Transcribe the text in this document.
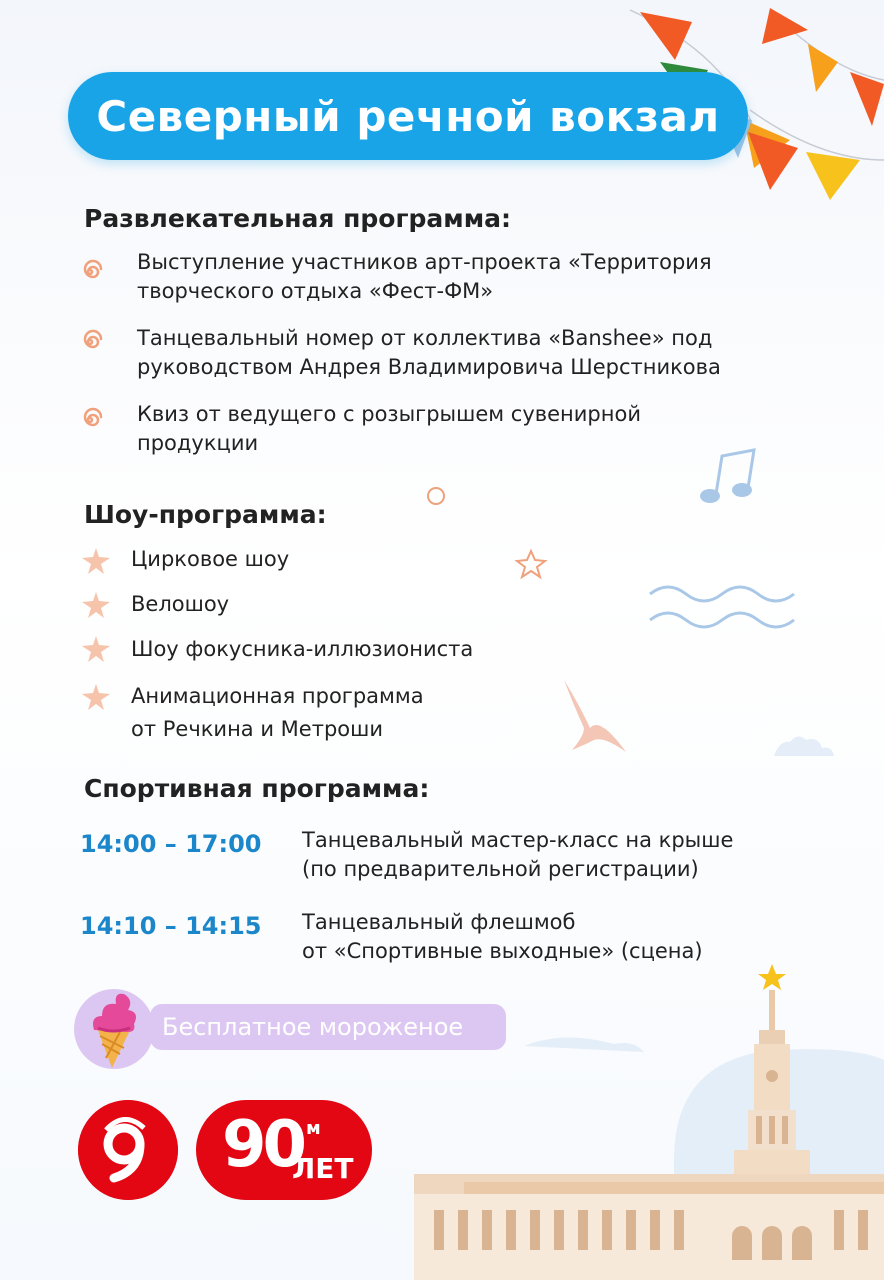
Северный речной вокзал
Развлекательная программа:
Выступление участников арт-проекта «Территория
творческого отдыха «Фест-ФМ»
Танцевальный номер от коллектива «Banshee» под
руководством Андрея Владимировича Шерстникова
Квиз от ведущего с розыгрышем сувенирной
продукции
Шоу-программа:
Цирковое шоу
Велошоу
Шоу фокусника-иллюзиониста
Анимационная программа
от Речкина и Метроши
Спортивная программа:
14:00 – 17:00 Танцевальный мастер-класс на крыше
(по предварительной регистрации)
14:10 – 14:15 Танцевальный флешмоб
от «Спортивные выходные» (сцена)
Бесплатное мороженое
90 м
ЛЕТ
